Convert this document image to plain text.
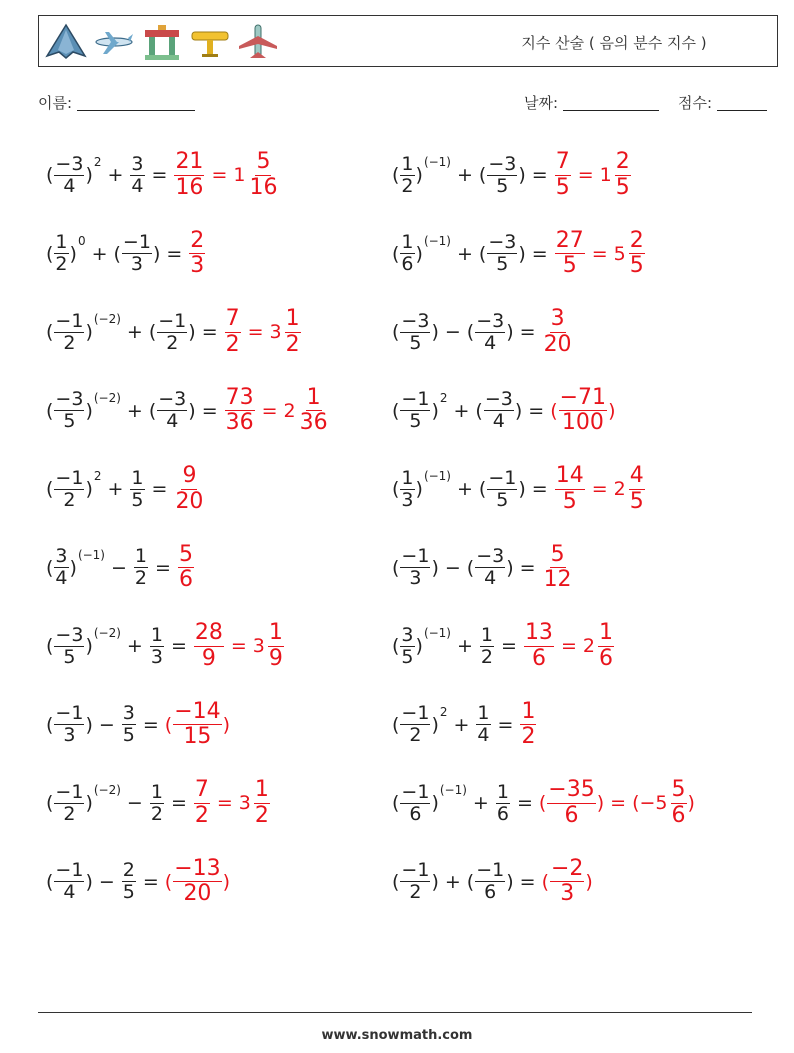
지수 산술 ( 음의 분수 지수 )
이름:	날짜:	점수:
( $\frac{-3}{4}$ )
2
+ $\frac{3}{4} = \frac{21}{16} = 1 \frac{5}{16}$
( $\frac{1}{2}$ )
0
+ ( $\frac{-1}{3}$ ) = $\frac{2}{3}$
( $\frac{-1}{2}$ )
(−2)
+ ( $\frac{-1}{2}$ ) = $\frac{7}{2} = 3 \frac{1}{2}$
( $\frac{-3}{5}$ )
(−2)
+ ( $\frac{-3}{4}$ ) = $\frac{73}{36} = 2 \frac{1}{36}$
( $\frac{-1}{2}$ )
2
+ $\frac{1}{5} = \frac{9}{20}$
( $\frac{3}{4}$ )
(−1)
− $\frac{1}{2} = \frac{5}{6}$
( $\frac{-3}{5}$ )
(−2)
+ $\frac{1}{3} = \frac{28}{9} = 3 \frac{1}{9}$
( $\frac{-1}{3}$ ) − $\frac{3}{5}$ = ( $\frac{-14}{15}$ )
( $\frac{-1}{2}$ )
(−2)
− $\frac{1}{2} = \frac{7}{2} = 3 \frac{1}{2}$
( $\frac{-1}{4}$ ) − $\frac{2}{5}$ = ( $\frac{-13}{20}$ )
( $\frac{1}{2}$ )
(−1)
+ ( $\frac{-3}{5}$ ) = $\frac{7}{5} = 1 \frac{2}{5}$
( $\frac{1}{6}$ )
(−1)
+ ( $\frac{-3}{5}$ ) = $\frac{27}{5} = 5 \frac{2}{5}$
( $\frac{-3}{5}$ ) − ( $\frac{-3}{4}$ ) = $\frac{3}{20}$
( $\frac{-1}{5}$ )
2
+ ( $\frac{-3}{4}$ ) = ( $\frac{-71}{100}$ )
( $\frac{1}{3}$ )
(−1)
+ ( $\frac{-1}{5}$ ) = $\frac{14}{5} = 2 \frac{4}{5}$
( $\frac{-1}{3}$ ) − ( $\frac{-3}{4}$ ) = $\frac{5}{12}$
( $\frac{3}{5}$ )
(−1)
+ $\frac{1}{2} = \frac{13}{6} = 2 \frac{1}{6}$
( $\frac{-1}{2}$ )
2
+ $\frac{1}{4} = \frac{1}{2}$
( $\frac{-1}{6}$ )
(−1)
+ $\frac{1}{6}$ = ( $\frac{-35}{6}$ ) = ( $-5 \frac{5}{6}$ )
( $\frac{-1}{2}$ ) + ( $\frac{-1}{6}$ ) = ( $\frac{-2}{3}$ )
www.snowmath.com
